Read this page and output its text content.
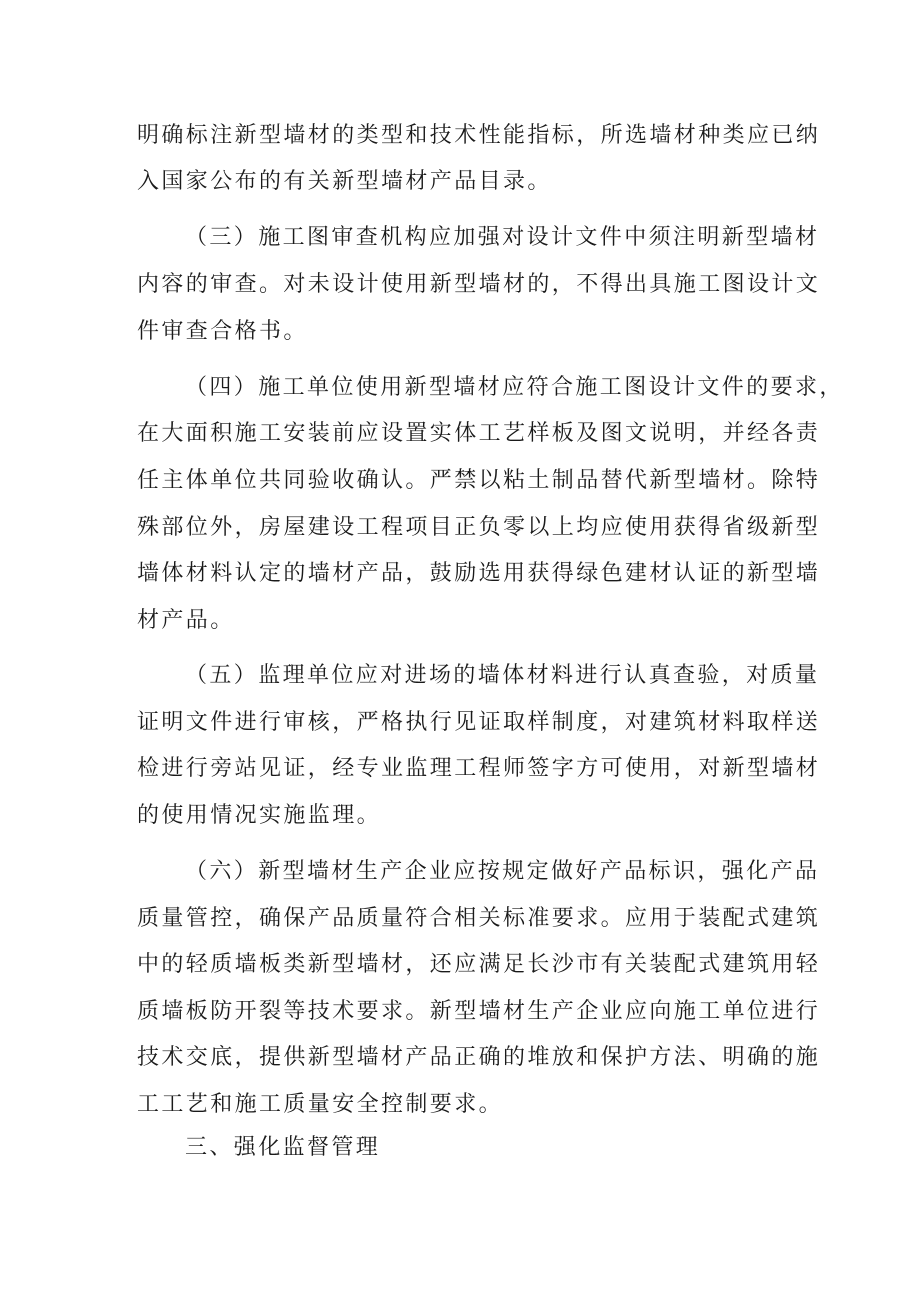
明确标注新型墙材的类型和技术性能指标，所选墙材种类应已纳

入国家公布的有关新型墙材产品目录。

（三）施工图审查机构应加强对设计文件中须注明新型墙材

内容的审查。对未设计使用新型墙材的，不得出具施工图设计文

件审查合格书。

（四）施工单位使用新型墙材应符合施工图设计文件的要求，

在大面积施工安装前应设置实体工艺样板及图文说明，并经各责

任主体单位共同验收确认。严禁以粘土制品替代新型墙材。除特

殊部位外，房屋建设工程项目正负零以上均应使用获得省级新型

墙体材料认定的墙材产品，鼓励选用获得绿色建材认证的新型墙

材产品。

（五）监理单位应对进场的墙体材料进行认真查验，对质量

证明文件进行审核，严格执行见证取样制度，对建筑材料取样送

检进行旁站见证，经专业监理工程师签字方可使用，对新型墙材

的使用情况实施监理。

（六）新型墙材生产企业应按规定做好产品标识，强化产品

质量管控，确保产品质量符合相关标准要求。应用于装配式建筑

中的轻质墙板类新型墙材，还应满足长沙市有关装配式建筑用轻

质墙板防开裂等技术要求。新型墙材生产企业应向施工单位进行

技术交底，提供新型墙材产品正确的堆放和保护方法、明确的施

工工艺和施工质量安全控制要求。

三、强化监督管理
